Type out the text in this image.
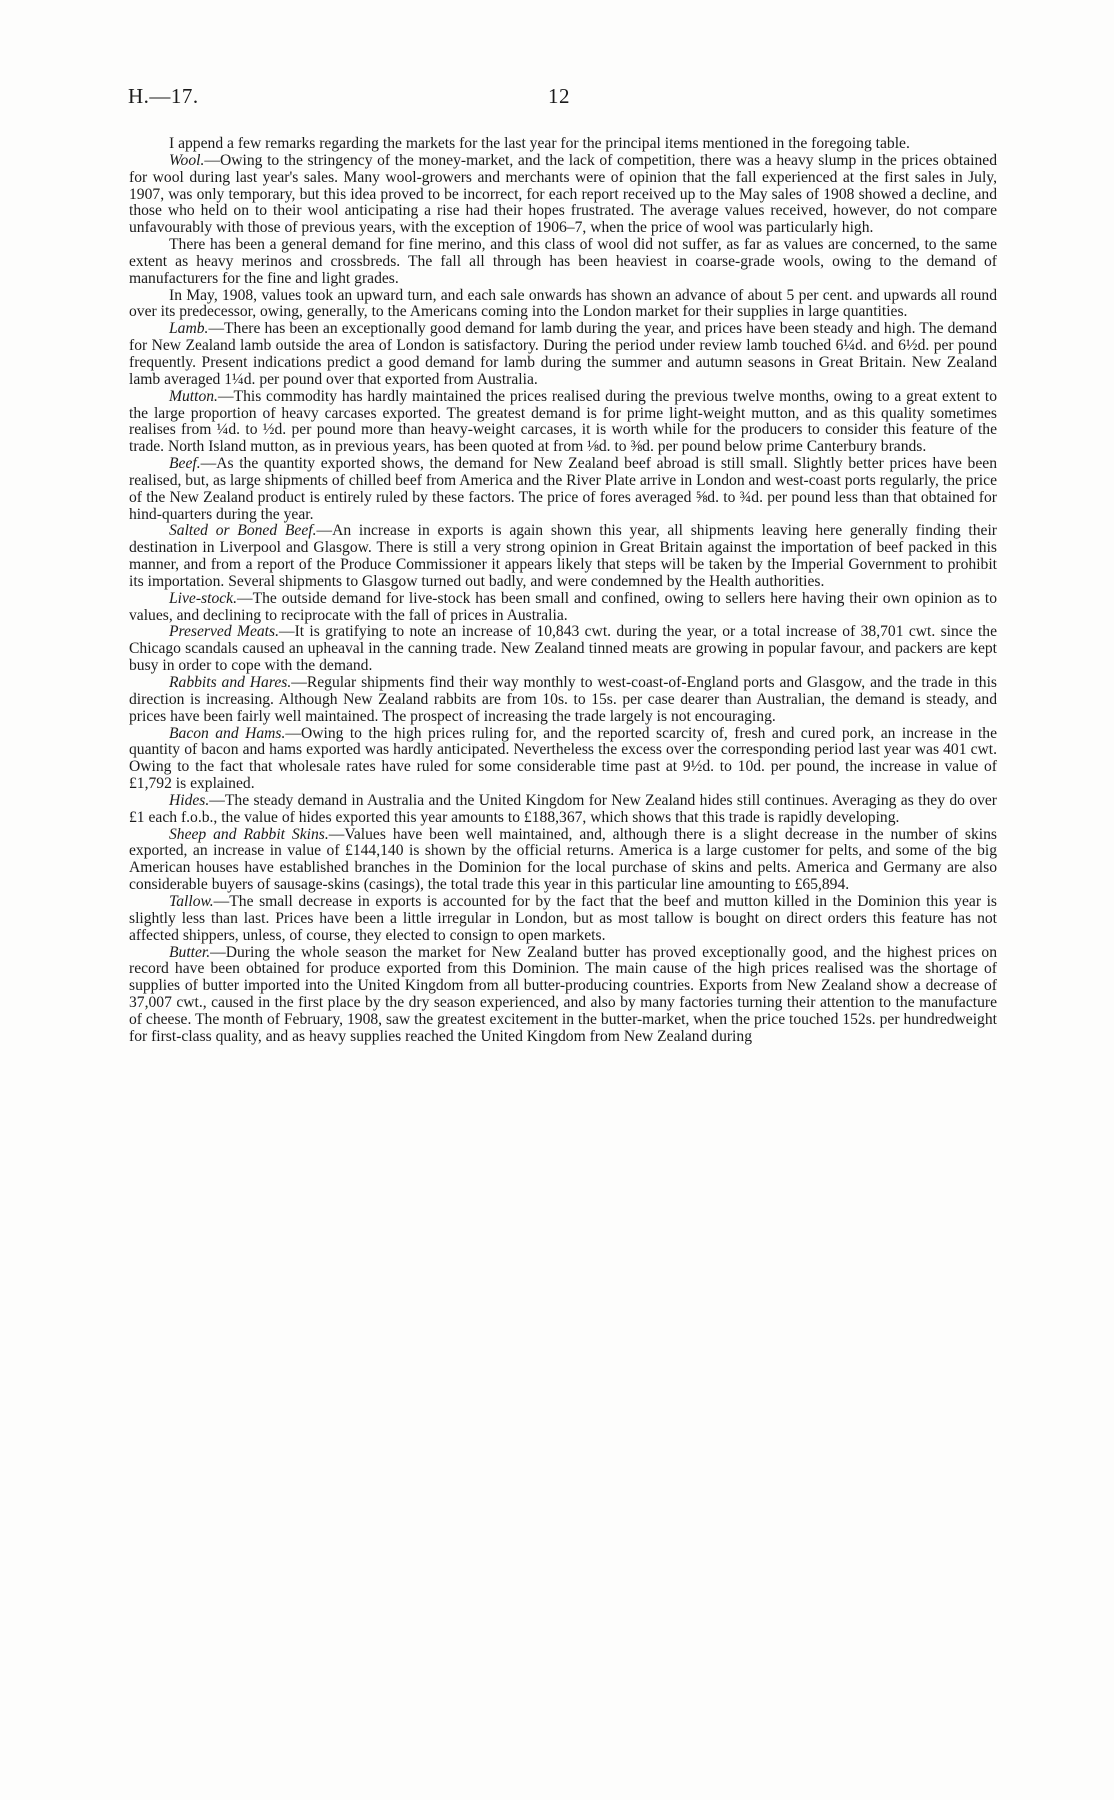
H.—17.	12

I append a few remarks regarding the markets for the last year for the principal items mentioned in the foregoing table.

Wool.—Owing to the stringency of the money-market, and the lack of competition, there was a heavy slump in the prices obtained for wool during last year's sales. Many wool-growers and merchants were of opinion that the fall experienced at the first sales in July, 1907, was only temporary, but this idea proved to be incorrect, for each report received up to the May sales of 1908 showed a decline, and those who held on to their wool anticipating a rise had their hopes frustrated. The average values received, however, do not compare unfavourably with those of previous years, with the exception of 1906–7, when the price of wool was particularly high.

There has been a general demand for fine merino, and this class of wool did not suffer, as far as values are concerned, to the same extent as heavy merinos and crossbreds. The fall all through has been heaviest in coarse-grade wools, owing to the demand of manufacturers for the fine and light grades.

In May, 1908, values took an upward turn, and each sale onwards has shown an advance of about 5 per cent. and upwards all round over its predecessor, owing, generally, to the Americans coming into the London market for their supplies in large quantities.

Lamb.—There has been an exceptionally good demand for lamb during the year, and prices have been steady and high. The demand for New Zealand lamb outside the area of London is satisfactory. During the period under review lamb touched 6¼d. and 6½d. per pound frequently. Present indications predict a good demand for lamb during the summer and autumn seasons in Great Britain. New Zealand lamb averaged 1¼d. per pound over that exported from Australia.

Mutton.—This commodity has hardly maintained the prices realised during the previous twelve months, owing to a great extent to the large proportion of heavy carcases exported. The greatest demand is for prime light-weight mutton, and as this quality sometimes realises from ¼d. to ½d. per pound more than heavy-weight carcases, it is worth while for the producers to consider this feature of the trade. North Island mutton, as in previous years, has been quoted at from ⅛d. to ⅜d. per pound below prime Canterbury brands.

Beef.—As the quantity exported shows, the demand for New Zealand beef abroad is still small. Slightly better prices have been realised, but, as large shipments of chilled beef from America and the River Plate arrive in London and west-coast ports regularly, the price of the New Zealand product is entirely ruled by these factors. The price of fores averaged ⅝d. to ¾d. per pound less than that obtained for hind-quarters during the year.

Salted or Boned Beef.—An increase in exports is again shown this year, all shipments leaving here generally finding their destination in Liverpool and Glasgow. There is still a very strong opinion in Great Britain against the importation of beef packed in this manner, and from a report of the Produce Commissioner it appears likely that steps will be taken by the Imperial Government to prohibit its importation. Several shipments to Glasgow turned out badly, and were condemned by the Health authorities.

Live-stock.—The outside demand for live-stock has been small and confined, owing to sellers here having their own opinion as to values, and declining to reciprocate with the fall of prices in Australia.

Preserved Meats.—It is gratifying to note an increase of 10,843 cwt. during the year, or a total increase of 38,701 cwt. since the Chicago scandals caused an upheaval in the canning trade. New Zealand tinned meats are growing in popular favour, and packers are kept busy in order to cope with the demand.

Rabbits and Hares.—Regular shipments find their way monthly to west-coast-of-England ports and Glasgow, and the trade in this direction is increasing. Although New Zealand rabbits are from 10s. to 15s. per case dearer than Australian, the demand is steady, and prices have been fairly well maintained. The prospect of increasing the trade largely is not encouraging.

Bacon and Hams.—Owing to the high prices ruling for, and the reported scarcity of, fresh and cured pork, an increase in the quantity of bacon and hams exported was hardly anticipated. Nevertheless the excess over the corresponding period last year was 401 cwt. Owing to the fact that wholesale rates have ruled for some considerable time past at 9½d. to 10d. per pound, the increase in value of £1,792 is explained.

Hides.—The steady demand in Australia and the United Kingdom for New Zealand hides still continues. Averaging as they do over £1 each f.o.b., the value of hides exported this year amounts to £188,367, which shows that this trade is rapidly developing.

Sheep and Rabbit Skins.—Values have been well maintained, and, although there is a slight decrease in the number of skins exported, an increase in value of £144,140 is shown by the official returns. America is a large customer for pelts, and some of the big American houses have established branches in the Dominion for the local purchase of skins and pelts. America and Germany are also considerable buyers of sausage-skins (casings), the total trade this year in this particular line amounting to £65,894.

Tallow.—The small decrease in exports is accounted for by the fact that the beef and mutton killed in the Dominion this year is slightly less than last. Prices have been a little irregular in London, but as most tallow is bought on direct orders this feature has not affected shippers, unless, of course, they elected to consign to open markets.

Butter.—During the whole season the market for New Zealand butter has proved exceptionally good, and the highest prices on record have been obtained for produce exported from this Dominion. The main cause of the high prices realised was the shortage of supplies of butter imported into the United Kingdom from all butter-producing countries. Exports from New Zealand show a decrease of 37,007 cwt., caused in the first place by the dry season experienced, and also by many factories turning their attention to the manufacture of cheese. The month of February, 1908, saw the greatest excitement in the butter-market, when the price touched 152s. per hundredweight for first-class quality, and as heavy supplies reached the United Kingdom from New Zealand during
